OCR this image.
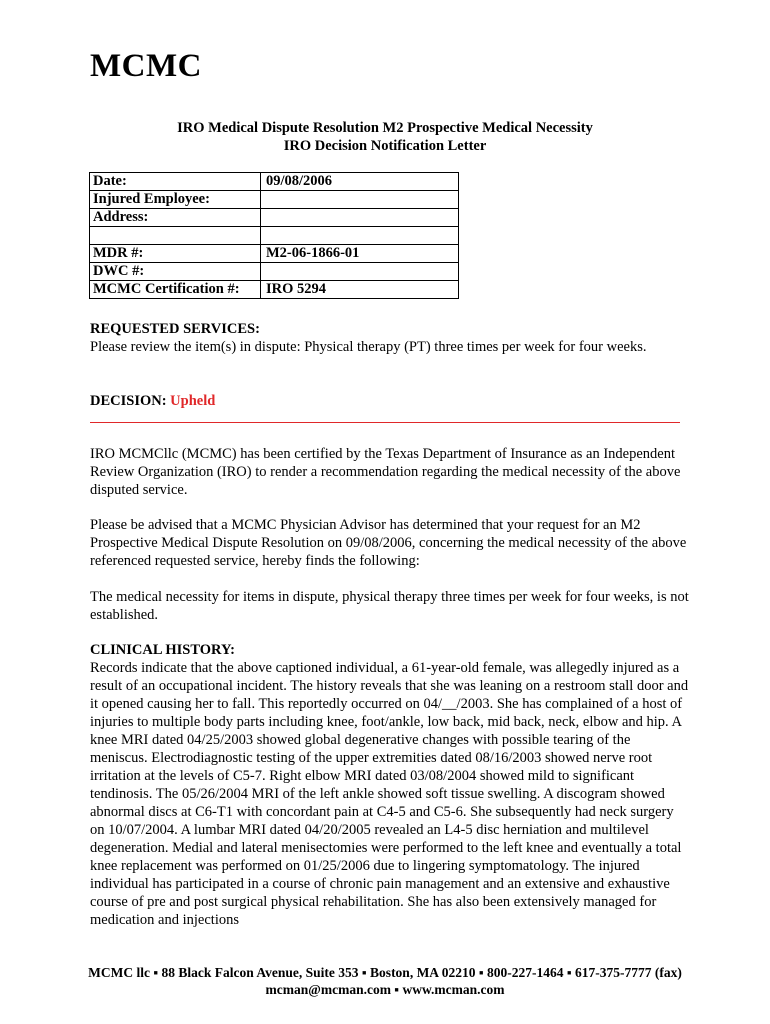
MCMC
IRO Medical Dispute Resolution M2 Prospective Medical Necessity
IRO Decision Notification Letter
Date:	09/08/2006
Injured Employee:	
Address:	

MDR #:	M2-06-1866-01
DWC #:	
MCMC Certification #:	IRO 5294
REQUESTED SERVICES:
Please review the item(s) in dispute: Physical therapy (PT) three times per week for four weeks.
DECISION: Upheld
IRO MCMCllc (MCMC) has been certified by the Texas Department of Insurance as an Independent Review Organization (IRO) to render a recommendation regarding the medical necessity of the above disputed service.
Please be advised that a MCMC Physician Advisor has determined that your request for an M2 Prospective Medical Dispute Resolution on 09/08/2006, concerning the medical necessity of the above referenced requested service, hereby finds the following:
The medical necessity for items in dispute, physical therapy three times per week for four weeks, is not established.
CLINICAL HISTORY:
Records indicate that the above captioned individual, a 61-year-old female, was allegedly injured as a result of an occupational incident. The history reveals that she was leaning on a restroom stall door and it opened causing her to fall. This reportedly occurred on 04/__/2003. She has complained of a host of injuries to multiple body parts including knee, foot/ankle, low back, mid back, neck, elbow and hip. A knee MRI dated 04/25/2003 showed global degenerative changes with possible tearing of the meniscus. Electrodiagnostic testing of the upper extremities dated 08/16/2003 showed nerve root irritation at the levels of C5-7. Right elbow MRI dated 03/08/2004 showed mild to significant tendinosis. The 05/26/2004 MRI of the left ankle showed soft tissue swelling. A discogram showed abnormal discs at C6-T1 with concordant pain at C4-5 and C5-6. She subsequently had neck surgery on 10/07/2004. A lumbar MRI dated 04/20/2005 revealed an L4-5 disc herniation and multilevel degeneration. Medial and lateral menisectomies were performed to the left knee and eventually a total knee replacement was performed on 01/25/2006 due to lingering symptomatology. The injured individual has participated in a course of chronic pain management and an extensive and exhaustive course of pre and post surgical physical rehabilitation. She has also been extensively managed for medication and injections
MCMC llc ▪ 88 Black Falcon Avenue, Suite 353 ▪ Boston, MA 02210 ▪ 800-227-1464 ▪ 617-375-7777 (fax)
mcman@mcman.com ▪ www.mcman.com
